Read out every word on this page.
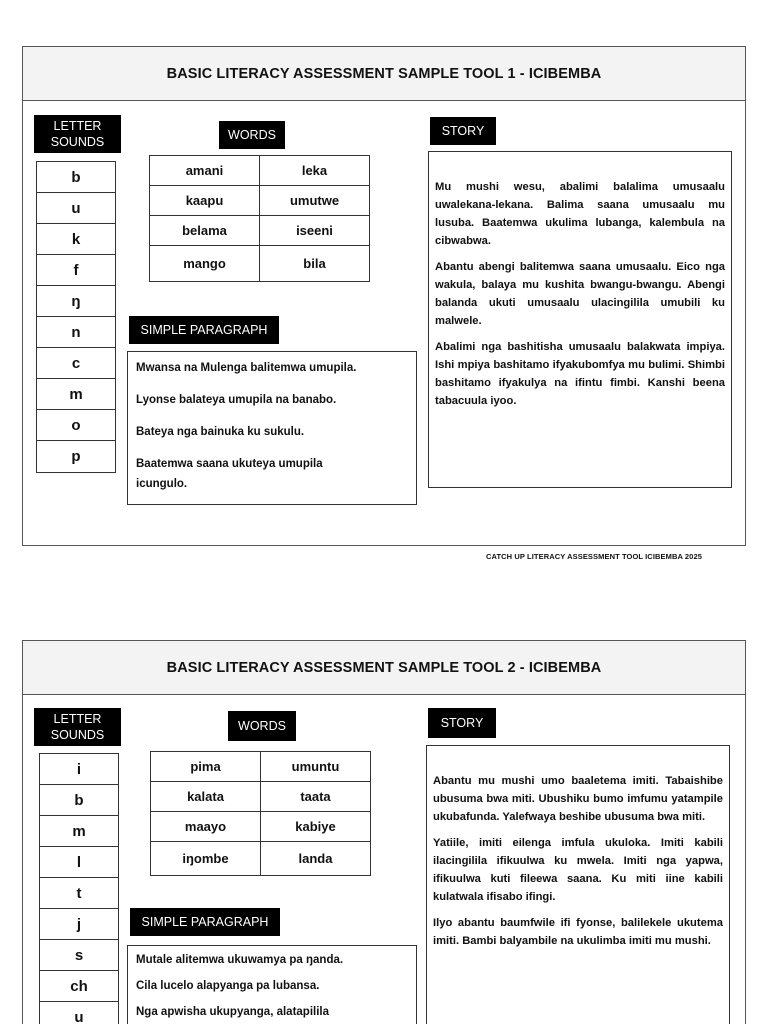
BASIC LITERACY ASSESSMENT SAMPLE TOOL 1 - ICIBEMBA
LETTER SOUNDS
b
u
k
f
ŋ
n
c
m
o
p
WORDS
amani	leka
kaapu	umutwe
belama	iseeni
mango	bila
SIMPLE PARAGRAPH

Mwansa na Mulenga balitemwa umupila.

Lyonse balateya umupila na banabo.

Bateya nga bainuka ku sukulu.

Baatemwa saana ukuteya umupila icungulo.

STORY

Mu mushi wesu, abalimi balalima umusaalu uwalekana-lekana. Balima saana umusaalu mu lusuba. Baatemwa ukulima lubanga, kalembula na cibwabwa.

Abantu abengi balitemwa saana umusaalu. Eico nga wakula, balaya mu kushita bwangu-bwangu. Abengi balanda ukuti umusaalu ulacingilila umubili ku malwele.

Abalimi nga bashitisha umusaalu balakwata impiya. Ishi mpiya bashitamo ifyakubomfya mu bulimi. Shimbi bashitamo ifyakulya na ifintu fimbi. Kanshi beena tabacuula iyoo.

CATCH UP LITERACY ASSESSMENT TOOL ICIBEMBA 2025
BASIC LITERACY ASSESSMENT SAMPLE TOOL 2 - ICIBEMBA
LETTER SOUNDS
i
b
m
l
t
j
s
ch
u
WORDS
pima	umuntu
kalata	taata
maayo	kabiye
iŋombe	landa
SIMPLE PARAGRAPH

Mutale alitemwa ukuwamya pa ŋanda.

Cila lucelo alapyanga pa lubansa.

Nga apwisha ukupyanga, alatapilila

STORY

Abantu mu mushi umo baaletema imiti. Tabaishibe ubusuma bwa miti. Ubushiku bumo imfumu yatampile ukubafunda. Yalefwaya beshibe ubusuma bwa miti.

Yatiile, imiti eilenga imfula ukuloka. Imiti kabili ilacingilila ifikuulwa ku mwela. Imiti nga yapwa, ifikuulwa kuti fileewa saana. Ku miti iine kabili kulatwala ifisabo ifingi.

Ilyo abantu baumfwile ifi fyonse, balilekele ukutema imiti. Bambi balyambile na ukulimba imiti mu mushi.
